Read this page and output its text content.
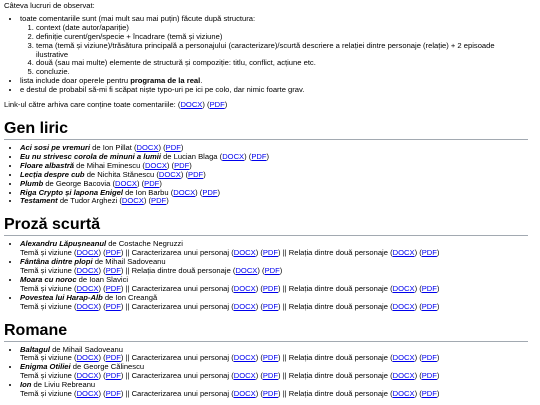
Câteva lucruri de observat:

• toate comentariile sunt (mai mult sau mai puțin) făcute după structura:
1. context (date autor/apariție)
2. definiție curent/gen/specie + încadrare (temă și viziune)
3. tema (temă și viziune)/trăsătura principală a personajului (caracterizare)/scurtă descriere a relației dintre personaje (relație) + 2 episoade ilustrative
4. două (sau mai multe) elemente de structură și compoziție: titlu, conflict, acțiune etc.
5. concluzie.
• lista include doar operele pentru programa de la real.
• e destul de probabil să-mi fi scăpat niște typo-uri pe ici pe colo, dar nimic foarte grav.

Link-ul către arhiva care conține toate comentariile: (DOCX) (PDF)

Gen liric
• Aci sosi pe vremuri de Ion Pillat (DOCX) (PDF)
• Eu nu strivesc corola de minuni a lumii de Lucian Blaga (DOCX) (PDF)
• Floare albastră de Mihai Eminescu (DOCX) (PDF)
• Lecția despre cub de Nichita Stănescu (DOCX) (PDF)
• Plumb de George Bacovia (DOCX) (PDF)
• Riga Crypto și lapona Enigel de Ion Barbu (DOCX) (PDF)
• Testament de Tudor Arghezi (DOCX) (PDF)
Proză scurtă
• Alexandru Lăpușneanul de Costache Negruzzi
Temă și viziune (DOCX) (PDF) || Caracterizarea unui personaj (DOCX) (PDF) || Relația dintre două personaje (DOCX) (PDF)
• Fântâna dintre plopi de Mihail Sadoveanu
Temă și viziune (DOCX) (PDF) || Relația dintre două personaje (DOCX) (PDF)
• Moara cu noroc de Ioan Slavici
Temă și viziune (DOCX) (PDF) || Caracterizarea unui personaj (DOCX) (PDF) || Relația dintre două personaje (DOCX) (PDF)
• Povestea lui Harap-Alb de Ion Creangă
Temă și viziune (DOCX) (PDF) || Caracterizarea unui personaj (DOCX) (PDF) || Relația dintre două personaje (DOCX) (PDF)
Romane
• Baltagul de Mihail Sadoveanu
Temă și viziune (DOCX) (PDF) || Caracterizarea unui personaj (DOCX) (PDF) || Relația dintre două personaje (DOCX) (PDF)
• Enigma Otiliei de George Călinescu
Temă și viziune (DOCX) (PDF) || Caracterizarea unui personaj (DOCX) (PDF) || Relația dintre două personaje (DOCX) (PDF)
• Ion de Liviu Rebreanu
Temă și viziune (DOCX) (PDF) || Caracterizarea unui personaj (DOCX) (PDF) || Relația dintre două personaje (DOCX) (PDF)
